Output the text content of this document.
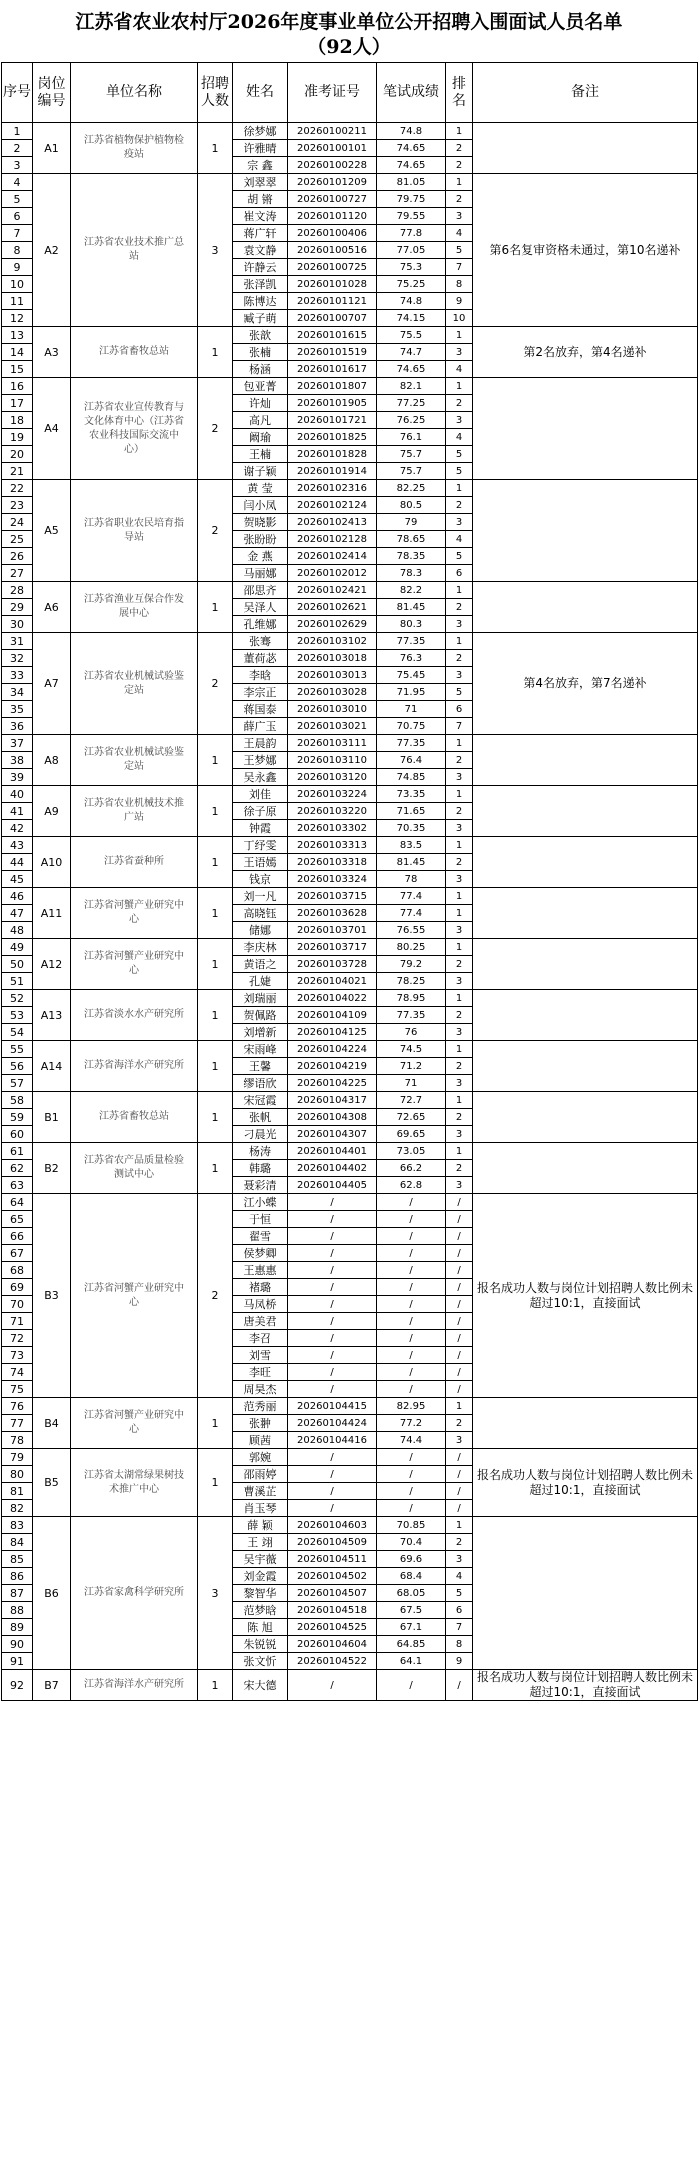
江苏省农业农村厅2026年度事业单位公开招聘入围面试人员名单
（92人）
序号	岗位编号	单位名称	招聘人数	姓名	准考证号	笔试成绩	排名	备注
1	A1	江苏省植物保护植物检疫站	1	徐梦娜	20260100211	74.8	1	
2				许雅晴	20260100101	74.65	2	
3				宗 鑫	20260100228	74.65	2	
4	A2	江苏省农业技术推广总站	3	刘翠翠	20260101209	81.05	1	第6名复审资格未通过，第10名递补
5				胡 锵	20260100727	79.75	2	
6				崔文涛	20260101120	79.55	3	
7				蒋广轩	20260100406	77.8	4	
8				袁文静	20260100516	77.05	5	
9				许静云	20260100725	75.3	7	
10				张泽凯	20260101028	75.25	8	
11				陈博达	20260101121	74.8	9	
12				臧子萌	20260100707	74.15	10	
13	A3	江苏省畜牧总站	1	张歆	20260101615	75.5	1	第2名放弃，第4名递补
14				张楠	20260101519	74.7	3	
15				杨涵	20260101617	74.65	4	
16	A4	江苏省农业宣传教育与文化体育中心（江苏省农业科技国际交流中心）	2	包亚菁	20260101807	82.1	1	
17				许灿	20260101905	77.25	2	
18				高凡	20260101721	76.25	3	
19				阚瑜	20260101825	76.1	4	
20				王楠	20260101828	75.7	5	
21				谢子颖	20260101914	75.7	5	
22	A5	江苏省职业农民培育指导站	2	黄 莹	20260102316	82.25	1	
23				闫小凤	20260102124	80.5	2	
24				贺晓影	20260102413	79	3	
25				张盼盼	20260102128	78.65	4	
26				金 燕	20260102414	78.35	5	
27				马丽娜	20260102012	78.3	6	
28	A6	江苏省渔业互保合作发展中心	1	邵思齐	20260102421	82.2	1	
29				吴泽人	20260102621	81.45	2	
30				孔维娜	20260102629	80.3	3	
31	A7	江苏省农业机械试验鉴定站	2	张骞	20260103102	77.35	1	第4名放弃，第7名递补
32				董荷苾	20260103018	76.3	2	
33				李晗	20260103013	75.45	3	
34				李宗正	20260103028	71.95	5	
35				蒋国泰	20260103010	71	6	
36				薛广玉	20260103021	70.75	7	
37	A8	江苏省农业机械试验鉴定站	1	王晨韵	20260103111	77.35	1	
38				王梦娜	20260103110	76.4	2	
39				吴永鑫	20260103120	74.85	3	
40	A9	江苏省农业机械技术推广站	1	刘佳	20260103224	73.35	1	
41				徐子原	20260103220	71.65	2	
42				钟霞	20260103302	70.35	3	
43	A10	江苏省蚕种所	1	丁纾雯	20260103313	83.5	1	
44				王语嫣	20260103318	81.45	2	
45				钱京	20260103324	78	3	
46	A11	江苏省河蟹产业研究中心	1	刘一凡	20260103715	77.4	1	
47				高晓钰	20260103628	77.4	1	
48				储娜	20260103701	76.55	3	
49	A12	江苏省河蟹产业研究中心	1	李庆林	20260103717	80.25	1	
50				黄语之	20260103728	79.2	2	
51				孔婕	20260104021	78.25	3	
52	A13	江苏省淡水水产研究所	1	刘瑞丽	20260104022	78.95	1	
53				贺佩路	20260104109	77.35	2	
54				刘增新	20260104125	76	3	
55	A14	江苏省海洋水产研究所	1	宋雨峰	20260104224	74.5	1	
56				王馨	20260104219	71.2	2	
57				缪语欣	20260104225	71	3	
58	B1	江苏省畜牧总站	1	宋冠霞	20260104317	72.7	1	
59				张帆	20260104308	72.65	2	
60				刁晨光	20260104307	69.65	3	
61	B2	江苏省农产品质量检验测试中心	1	杨涛	20260104401	73.05	1	
62				韩璐	20260104402	66.2	2	
63				聂彩清	20260104405	62.8	3	
64	B3	江苏省河蟹产业研究中心	2	江小蝶	/	/	/	报名成功人数与岗位计划招聘人数比例未超过10:1，直接面试
65				于恒	/	/	/	
66				翟雪	/	/	/	
67				侯梦卿	/	/	/	
68				王惠惠	/	/	/	
69				褚璐	/	/	/	
70				马凤桥	/	/	/	
71				唐美君	/	/	/	
72				李召	/	/	/	
73				刘雪	/	/	/	
74				李旺	/	/	/	
75				周昊杰	/	/	/	
76	B4	江苏省河蟹产业研究中心	1	范秀丽	20260104415	82.95	1	
77				张翀	20260104424	77.2	2	
78				顾茜	20260104416	74.4	3	
79	B5	江苏省太湖常绿果树技术推广中心	1	郭婉	/	/	/	报名成功人数与岗位计划招聘人数比例未超过10:1，直接面试
80				邵雨婷	/	/	/	
81				曹溪芷	/	/	/	
82				肖玉琴	/	/	/	
83	B6	江苏省家禽科学研究所	3	薛 颖	20260104603	70.85	1	
84				王 翊	20260104509	70.4	2	
85				吴宇薇	20260104511	69.6	3	
86				刘金霞	20260104502	68.4	4	
87				黎智华	20260104507	68.05	5	
88				范梦晗	20260104518	67.5	6	
89				陈 旭	20260104525	67.1	7	
90				朱锐锐	20260104604	64.85	8	
91				张文忻	20260104522	64.1	9	
92	B7	江苏省海洋水产研究所	1	宋大德	/	/	/	报名成功人数与岗位计划招聘人数比例未超过10:1，直接面试
